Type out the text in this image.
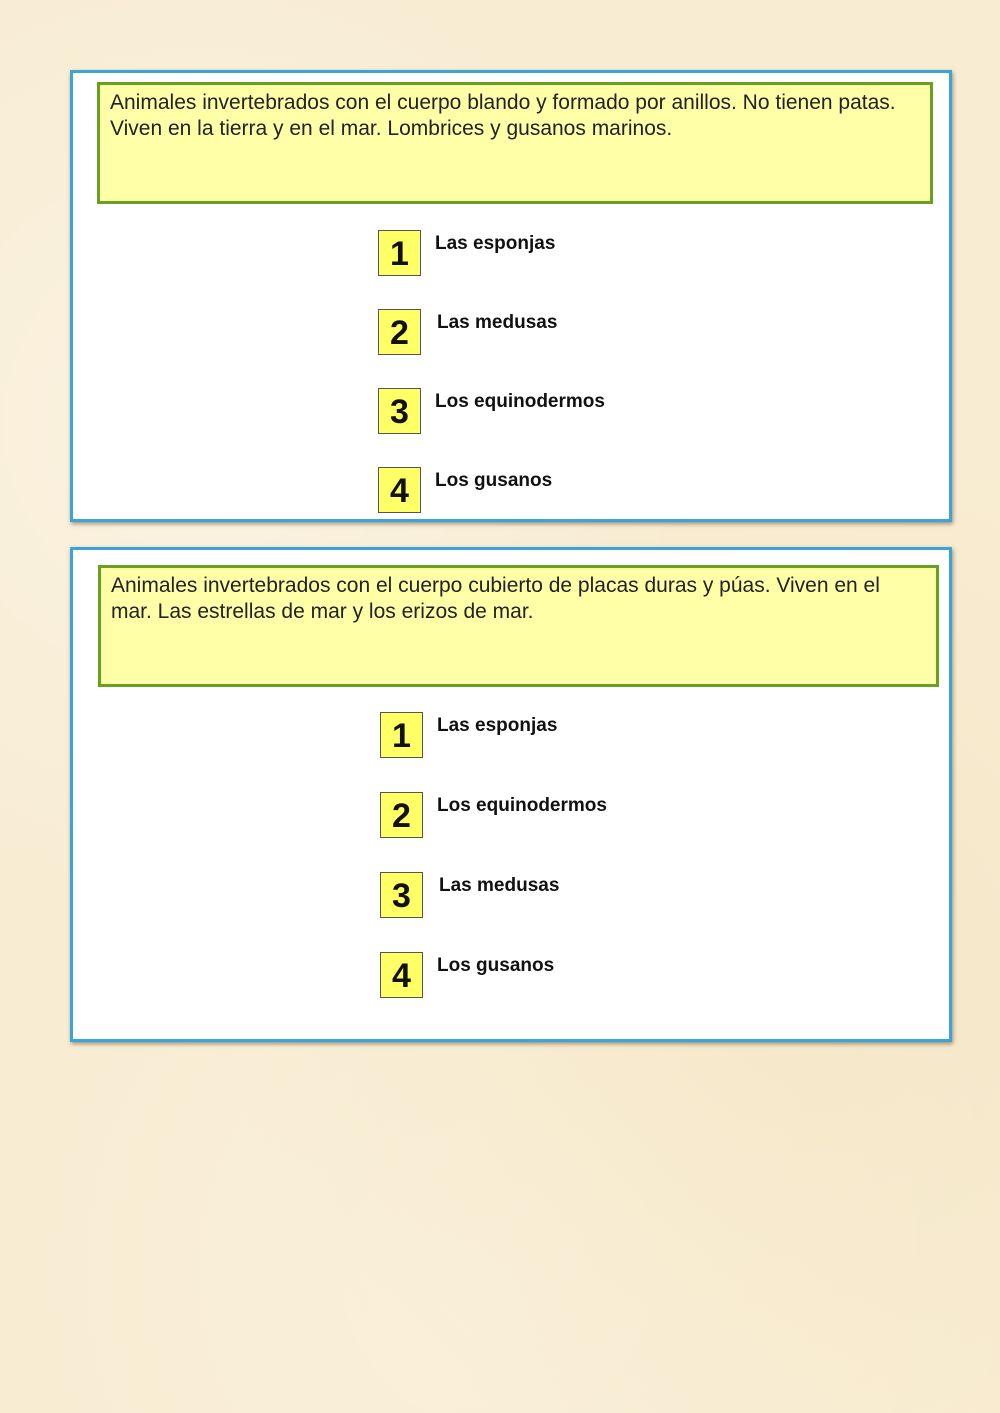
Animales invertebrados con el cuerpo blando y formado por anillos. No tienen patas. Viven en la tierra y en el mar. Lombrices y gusanos marinos.
1	Las esponjas
2	Las medusas
3	Los equinodermos
4	Los gusanos
Animales invertebrados con el cuerpo cubierto de placas duras y púas. Viven en el mar. Las estrellas de mar y los erizos de mar.
1	Las esponjas
2	Los equinodermos
3	Las medusas
4	Los gusanos
